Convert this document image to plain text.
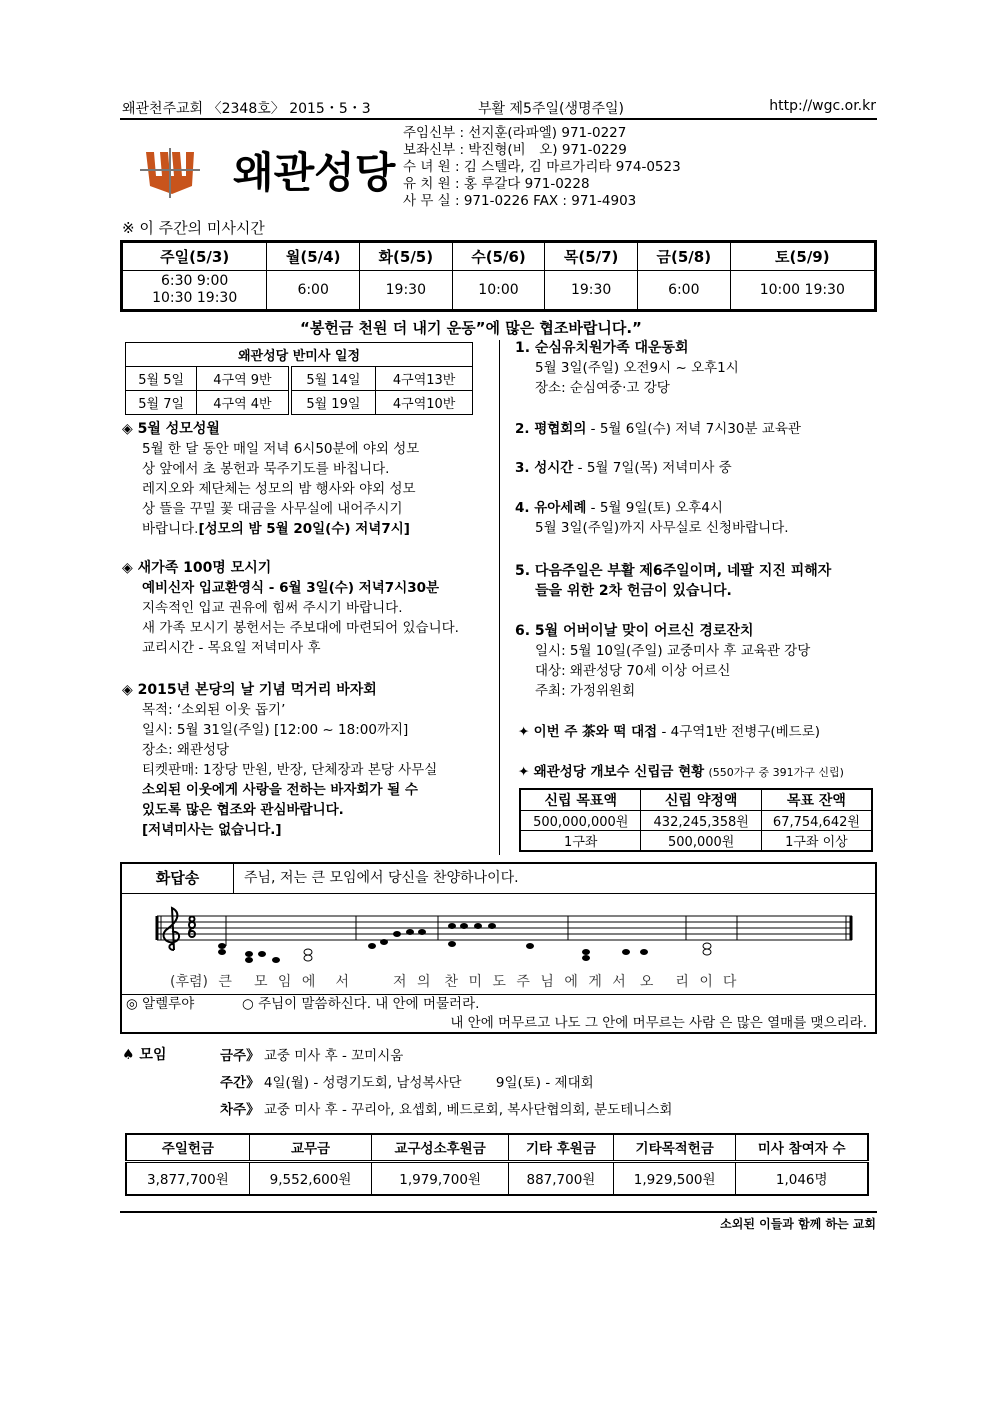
왜관천주교회 〈2348호〉 2015・5・3	부활 제5주일(생명주일)	http://wgc.or.kr
왜관성당
주임신부 : 선지훈(라파엘) 971-0227
보좌신부 : 박진형(비　오) 971-0229
수 녀 원 : 김 스텔라, 김 마르가리타 974-0523
유 치 원 : 홍 루갈다 971-0228
사 무 실 : 971-0226 FAX : 971-4903
※ 이 주간의 미사시간
주일(5/3)	월(5/4)	화(5/5)	수(5/6)	목(5/7)	금(5/8)	토(5/9)

6:30 9:00
10:30 19:30	6:00	19:30	10:00	19:30	6:00	10:00 19:30
“봉헌금 천원 더 내기 운동”에 많은 협조바랍니다.”
왜관성당 반미사 일정			
5월 5일	4구역 9반	5월 14일	4구역13반
5월 7일	4구역 4반	5월 19일	4구역10반
◈ 5월 성모성월
5월 한 달 동안 매일 저녁 6시50분에 야외 성모
상 앞에서 초 봉헌과 묵주기도를 바칩니다.
레지오와 제단체는 성모의 밤 행사와 야외 성모
상 뜰을 꾸밀 꽃 대금을 사무실에 내어주시기
바랍니다.[성모의 밤 5월 20일(수) 저녁7시]
◈ 새가족 100명 모시기
예비신자 입교환영식 - 6월 3일(수) 저녁7시30분
지속적인 입교 권유에 힘써 주시기 바랍니다.
새 가족 모시기 봉헌서는 주보대에 마련되어 있습니다.
교리시간 - 목요일 저녁미사 후
◈ 2015년 본당의 날 기념 먹거리 바자회
목적: ‘소외된 이웃 돕기’
일시: 5월 31일(주일) [12:00 ~ 18:00까지]
장소: 왜관성당
티켓판매: 1장당 만원, 반장, 단체장과 본당 사무실
소외된 이웃에게 사랑을 전하는 바자회가 될 수
있도록 많은 협조와 관심바랍니다.
[저녁미사는 없습니다.]
1. 순심유치원가족 대운동회
5월 3일(주일) 오전9시 ~ 오후1시
장소: 순심여중·고 강당
2. 평협회의 - 5월 6일(수) 저녁 7시30분 교육관
3. 성시간 - 5월 7일(목) 저녁미사 중
4. 유아세례 - 5월 9일(토) 오후4시
5월 3일(주일)까지 사무실로 신청바랍니다.
5. 다음주일은 부활 제6주일이며, 네팔 지진 피해자
들을 위한 2차 헌금이 있습니다.
6. 5월 어버이날 맞이 어르신 경로잔치
일시: 5월 10일(주일) 교중미사 후 교육관 강당
대상: 왜관성당 70세 이상 어르신
주최: 가정위원회
✦ 이번 주 茶와 떡 대접 - 4구역1반 전병구(베드로)
✦ 왜관성당 개보수 신립금 현황 (550가구 중 391가구 신립)
신립 목표액	신립 약정액	목표 잔액
500,000,000원	432,245,358원	67,754,642원
1구좌	500,000원	1구좌 이상
화답송	주님, 저는 큰 모임에서 당신을 찬양하나이다.
(후렴) 큰 모 임 에 서	저 의 찬 미 도 주 님 에 게 서 오 리 이 다
◎ 알렐루야	○ 주님이 말씀하신다. 내 안에 머물러라.
내 안에 머무르고 나도 그 안에 머무르는 사람 은 많은 열매를 맺으리라.
♠ 모임	금주》 교중 미사 후 - 꼬미시움
주간》 4일(월) - 성령기도회, 남성복사단        9일(토) - 제대회
차주》 교중 미사 후 - 꾸리아, 요셉회, 베드로회, 복사단협의회, 분도테니스회
주일헌금	교무금	교구성소후원금	기타 후원금	기타목적헌금	미사 참여자 수
3,877,700원	9,552,600원	1,979,700원	887,700원	1,929,500원	1,046명
소외된 이들과 함께 하는 교회
